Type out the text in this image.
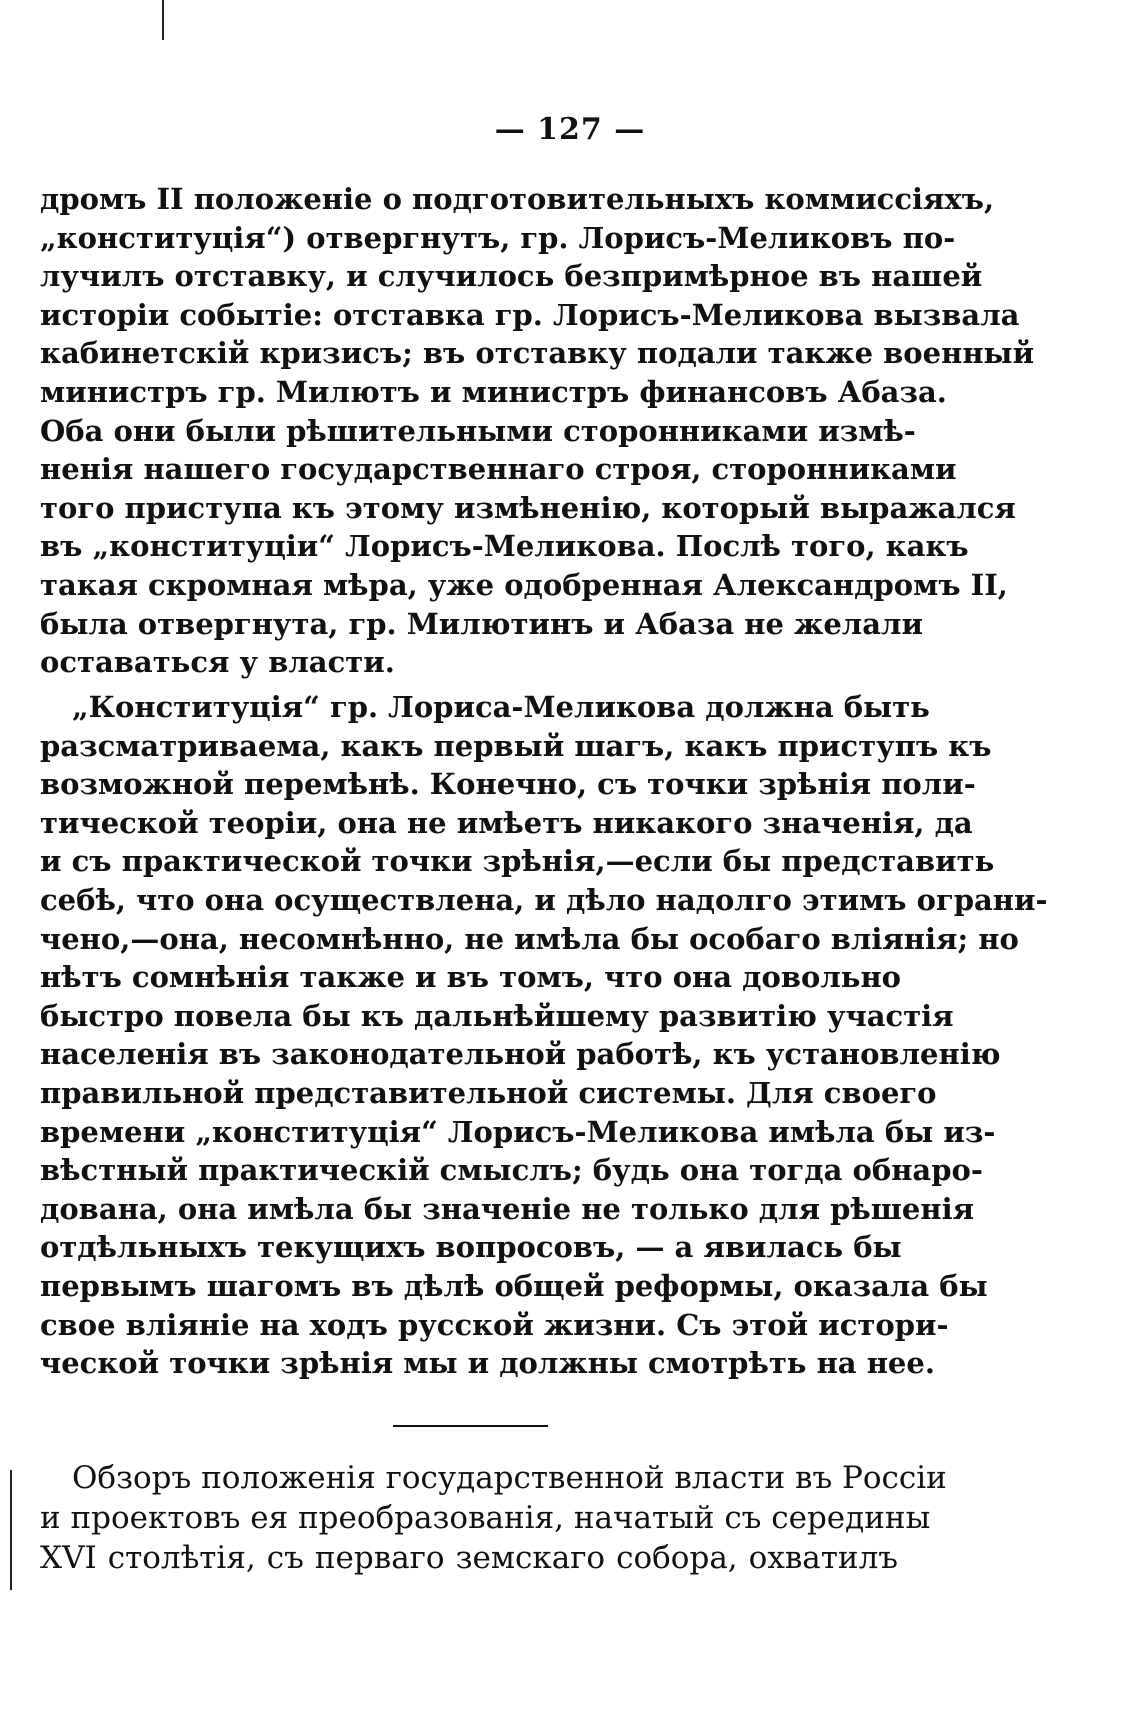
— 127 —
дромъ II положеніе о подготовительныхъ коммиссіяхъ,
„конституція“) отвергнутъ, гр. Лорисъ-Меликовъ по-
лучилъ отставку, и случилось безпримѣрное въ нашей
исторіи событіе: отставка гр. Лорисъ-Меликова вызвала
кабинетскій кризисъ; въ отставку подали также военный
министръ гр. Милютъ и министръ финансовъ Абаза.
Оба они были рѣшительными сторонниками измѣ-
ненія нашего государственнаго строя, сторонниками
того приступа къ этому измѣненію, который выражался
въ „конституціи“ Лорисъ-Меликова. Послѣ того, какъ
такая скромная мѣра, уже одобренная Александромъ II,
была отвергнута, гр. Милютинъ и Абаза не желали
оставаться у власти.
„Конституція“ гр. Лориса-Меликова должна быть
разсматриваема, какъ первый шагъ, какъ приступъ къ
возможной перемѣнѣ. Конечно, съ точки зрѣнія поли-
тической теоріи, она не имѣетъ никакого значенія, да
и съ практической точки зрѣнія,—если бы представить
себѣ, что она осуществлена, и дѣло надолго этимъ ограни-
чено,—она, несомнѣнно, не имѣла бы особаго вліянія; но
нѣтъ сомнѣнія также и въ томъ, что она довольно
быстро повела бы къ дальнѣйшему развитію участія
населенія въ законодательной работѣ, къ установленію
правильной представительной системы. Для своего
времени „конституція“ Лорисъ-Меликова имѣла бы из-
вѣстный практическій смыслъ; будь она тогда обнаро-
дована, она имѣла бы значеніе не только для рѣшенія
отдѣльныхъ текущихъ вопросовъ, — а явилась бы
первымъ шагомъ въ дѣлѣ общей реформы, оказала бы
свое вліяніе на ходъ русской жизни. Съ этой истори-
ческой точки зрѣнія мы и должны смотрѣть на нее.
Обзоръ положенія государственной власти въ Россіи
и проектовъ ея преобразованія, начатый съ середины
XVI столѣтія, съ перваго земскаго собора, охватилъ
